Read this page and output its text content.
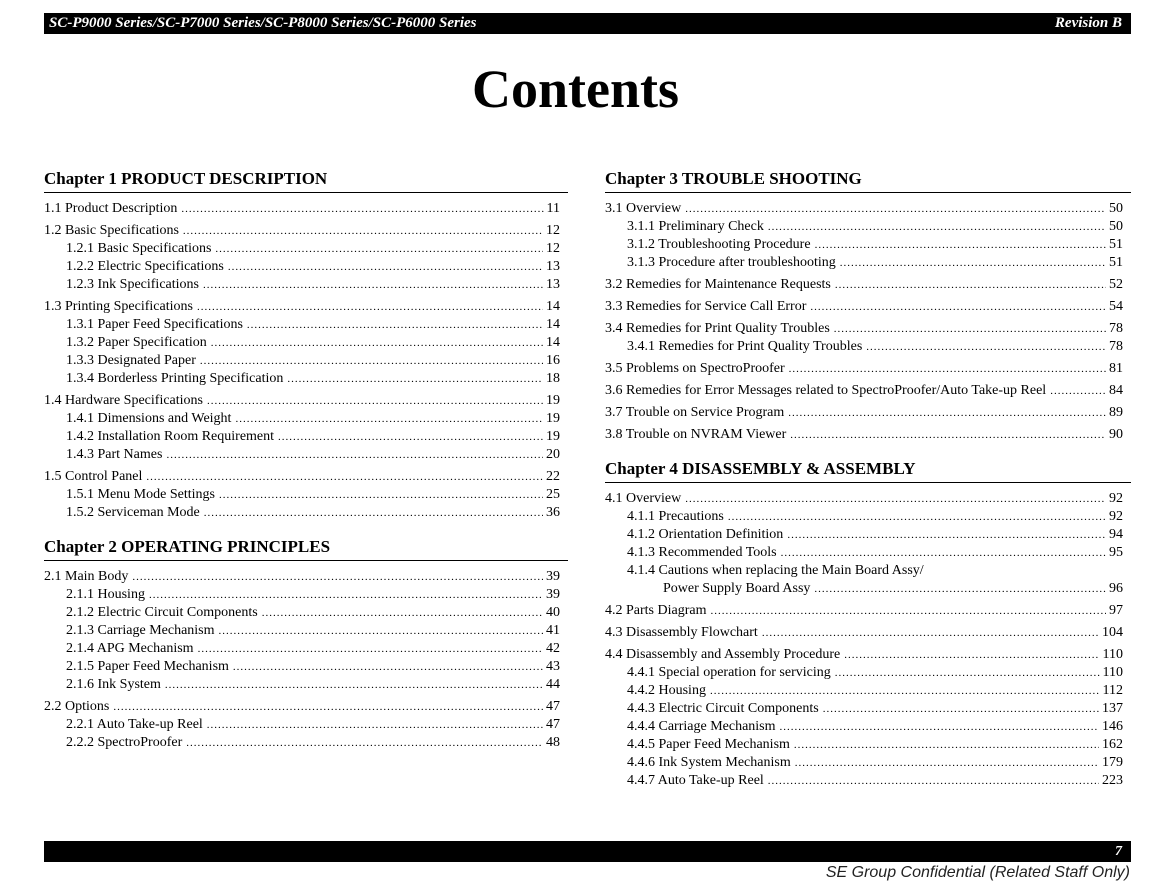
SC-P9000 Series/SC-P7000 Series/SC-P8000 Series/SC-P6000 Series	Revision B
Contents
Chapter 1 PRODUCT DESCRIPTION
1.1 Product Description .....	11
1.2 Basic Specifications .....	12
1.2.1 Basic Specifications .....	12
1.2.2 Electric Specifications .....	13
1.2.3 Ink Specifications .....	13
1.3 Printing Specifications .....	14
1.3.1 Paper Feed Specifications .....	14
1.3.2 Paper Specification .....	14
1.3.3 Designated Paper .....	16
1.3.4 Borderless Printing Specification .....	18
1.4 Hardware Specifications .....	19
1.4.1 Dimensions and Weight .....	19
1.4.2 Installation Room Requirement .....	19
1.4.3 Part Names .....	20
1.5 Control Panel .....	22
1.5.1 Menu Mode Settings .....	25
1.5.2 Serviceman Mode .....	36
Chapter 2 OPERATING PRINCIPLES
2.1 Main Body .....	39
2.1.1 Housing .....	39
2.1.2 Electric Circuit Components .....	40
2.1.3 Carriage Mechanism .....	41
2.1.4 APG Mechanism .....	42
2.1.5 Paper Feed Mechanism .....	43
2.1.6 Ink System .....	44
2.2 Options .....	47
2.2.1 Auto Take-up Reel .....	47
2.2.2 SpectroProofer .....	48
Chapter 3 TROUBLE SHOOTING
3.1 Overview .....	50
3.1.1 Preliminary Check .....	50
3.1.2 Troubleshooting Procedure .....	51
3.1.3 Procedure after troubleshooting .....	51
3.2 Remedies for Maintenance Requests .....	52
3.3 Remedies for Service Call Error .....	54
3.4 Remedies for Print Quality Troubles .....	78
3.4.1 Remedies for Print Quality Troubles .....	78
3.5 Problems on SpectroProofer .....	81
3.6 Remedies for Error Messages related to SpectroProofer/Auto Take-up Reel .....	84
3.7 Trouble on Service Program .....	89
3.8 Trouble on NVRAM Viewer .....	90
Chapter 4 DISASSEMBLY & ASSEMBLY
4.1 Overview .....	92
4.1.1 Precautions .....	92
4.1.2 Orientation Definition .....	94
4.1.3 Recommended Tools .....	95
4.1.4 Cautions when replacing the Main Board Assy/
Power Supply Board Assy .....	96
4.2 Parts Diagram .....	97
4.3 Disassembly Flowchart .....	104
4.4 Disassembly and Assembly Procedure .....	110
4.4.1 Special operation for servicing .....	110
4.4.2 Housing .....	112
4.4.3 Electric Circuit Components .....	137
4.4.4 Carriage Mechanism .....	146
4.4.5 Paper Feed Mechanism .....	162
4.4.6 Ink System Mechanism .....	179
4.4.7 Auto Take-up Reel .....	223
7
SE Group Confidential (Related Staff Only)
